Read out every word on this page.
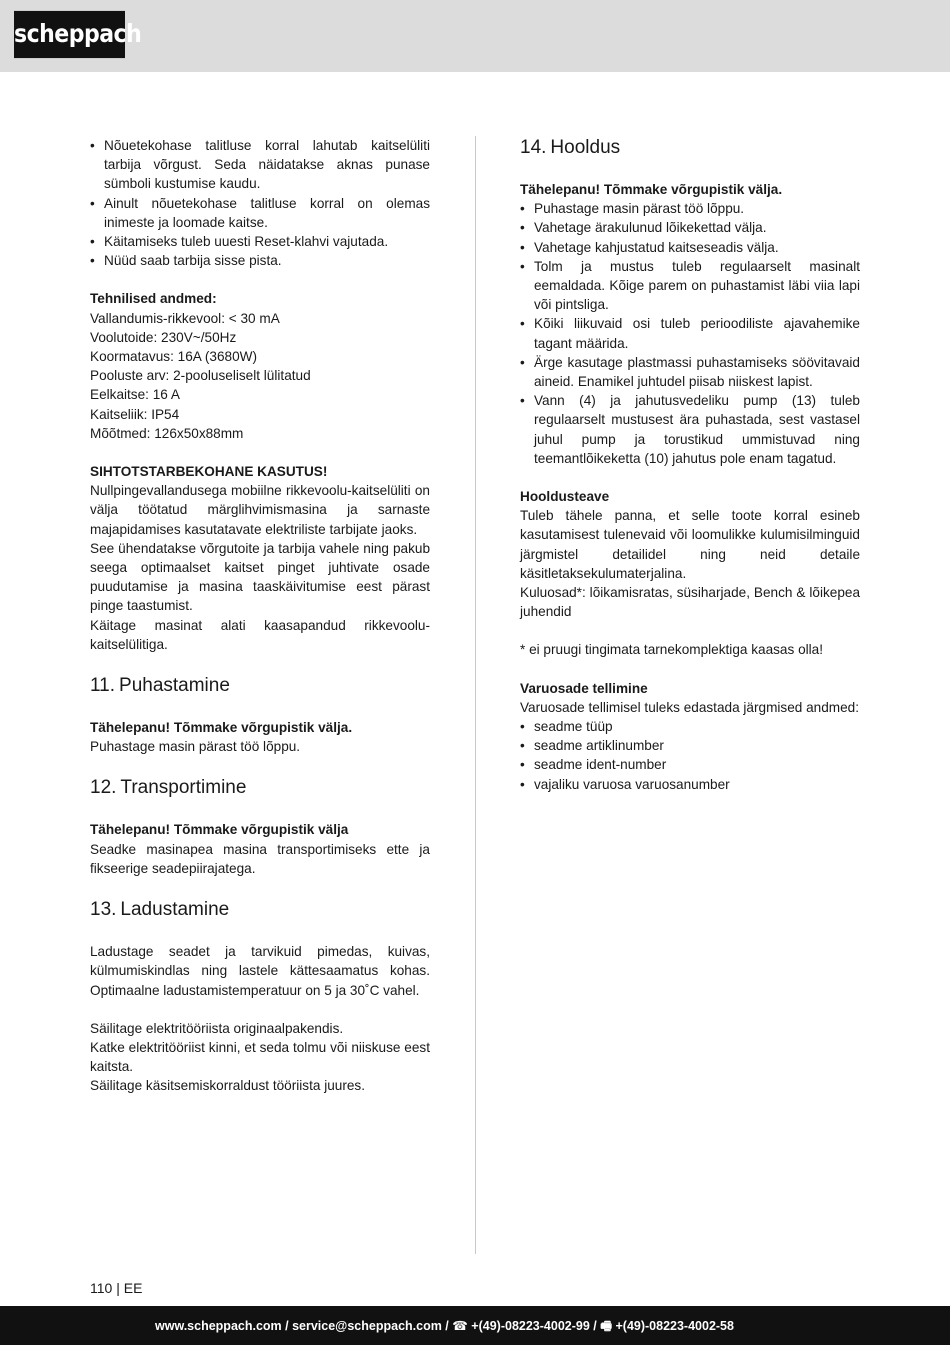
scheppach
• Nõuetekohase talitluse korral lahutab kaitselüliti tarbija võrgust. Seda näidatakse aknas punase sümboli kustumise kaudu.
• Ainult nõuetekohase talitluse korral on olemas inimeste ja loomade kaitse.
• Käitamiseks tuleb uuesti Reset-klahvi vajutada.
• Nüüd saab tarbija sisse pista.

Tehnilised andmed:

Vallandumis-rikkevool: < 30 mA

Voolutoide: 230V~/50Hz

Koormatavus: 16A (3680W)

Pooluste arv: 2-pooluseliselt lülitatud

Eelkaitse: 16 A

Kaitseliik: IP54

Mõõtmed: 126x50x88mm

SIHTOTSTARBEKOHANE KASUTUS!

Nullpingevallandusega mobiilne rikkevoolu-kaitselüliti on välja töötatud märglihvimismasina ja sarnaste majapidamises kasutatavate elektriliste tarbijate jaoks.

See ühendatakse võrgutoite ja tarbija vahele ning pakub seega optimaalset kaitset pinget juhtivate osade puudutamise ja masina taaskäivitumise eest pärast pinge taastumist.

Käitage masinat alati kaasapandud rikkevoolu-kaitselülitiga.

11. Puhastamine

Tähelepanu! Tõmmake võrgupistik välja.

Puhastage masin pärast töö lõppu.

12. Transportimine

Tähelepanu! Tõmmake võrgupistik välja

Seadke masinapea masina transportimiseks ette ja fikseerige seadepiirajatega.

13. Ladustamine

Ladustage seadet ja tarvikuid pimedas, kuivas, külmumiskindlas ning lastele kättesaamatus kohas. Optimaalne ladustamistemperatuur on 5 ja 30˚C vahel.

Säilitage elektritööriista originaalpakendis.

Katke elektritööriist kinni, et seda tolmu või niiskuse eest kaitsta.

Säilitage käsitsemiskorraldust tööriista juures.

14. Hooldus

Tähelepanu! Tõmmake võrgupistik välja.

• Puhastage masin pärast töö lõppu.
• Vahetage ärakulunud lõikekettad välja.
• Vahetage kahjustatud kaitseseadis välja.
• Tolm ja mustus tuleb regulaarselt masinalt eemaldada. Kõige parem on puhastamist läbi viia lapi või pintsliga.
• Kõiki liikuvaid osi tuleb perioodiliste ajavahemike tagant määrida.
• Ärge kasutage plastmassi puhastamiseks söövitavaid aineid. Enamikel juhtudel piisab niiskest lapist.
• Vann (4) ja jahutusvedeliku pump (13) tuleb regulaarselt mustusest ära puhastada, sest vastasel juhul pump ja torustikud ummistuvad ning teemantlõikeketta (10) jahutus pole enam tagatud.

Hooldusteave

Tuleb tähele panna, et selle toote korral esineb kasutamisest tulenevaid või loomulikke kulumisilminguid järgmistel detailidel ning neid detaile käsitletaksekulumaterjalina.

Kuluosad*: lõikamisratas, süsiharjade, Bench & lõikepea juhendid

* ei pruugi tingimata tarnekomplektiga kaasas olla!

Varuosade tellimine

Varuosade tellimisel tuleks edastada järgmised andmed:

• seadme tüüp
• seadme artiklinumber
• seadme ident-number
• vajaliku varuosa varuosanumber
110 | EE
www.scheppach.com / service@scheppach.com / ☎ +(49)-08223-4002-99 / 🖷 +(49)-08223-4002-58
